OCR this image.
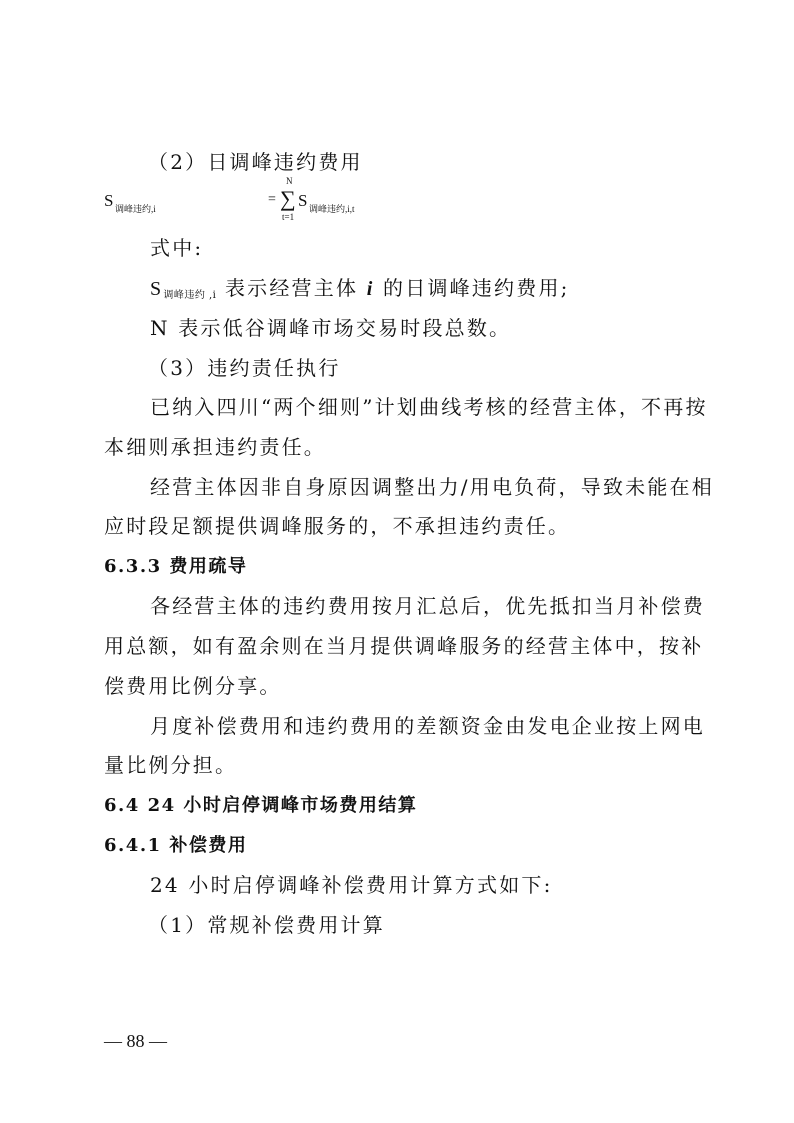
（2）日调峰违约费用
S 调峰违约,i
=
N
∑
t=1
S 调峰违约,i,t
式中:
S调峰违约 ,i 表示经营主体 i 的日调峰违约费用;
N 表示低谷调峰市场交易时段总数。
（3）违约责任执行
已纳入四川“两个细则”计划曲线考核的经营主体，不再按
本细则承担违约责任。
经营主体因非自身原因调整出力/用电负荷，导致未能在相
应时段足额提供调峰服务的，不承担违约责任。
6.3.3 费用疏导
各经营主体的违约费用按月汇总后，优先抵扣当月补偿费
用总额，如有盈余则在当月提供调峰服务的经营主体中，按补
偿费用比例分享。
月度补偿费用和违约费用的差额资金由发电企业按上网电
量比例分担。
6.4 24 小时启停调峰市场费用结算
6.4.1 补偿费用
24 小时启停调峰补偿费用计算方式如下:
（1）常规补偿费用计算
— 88 —
